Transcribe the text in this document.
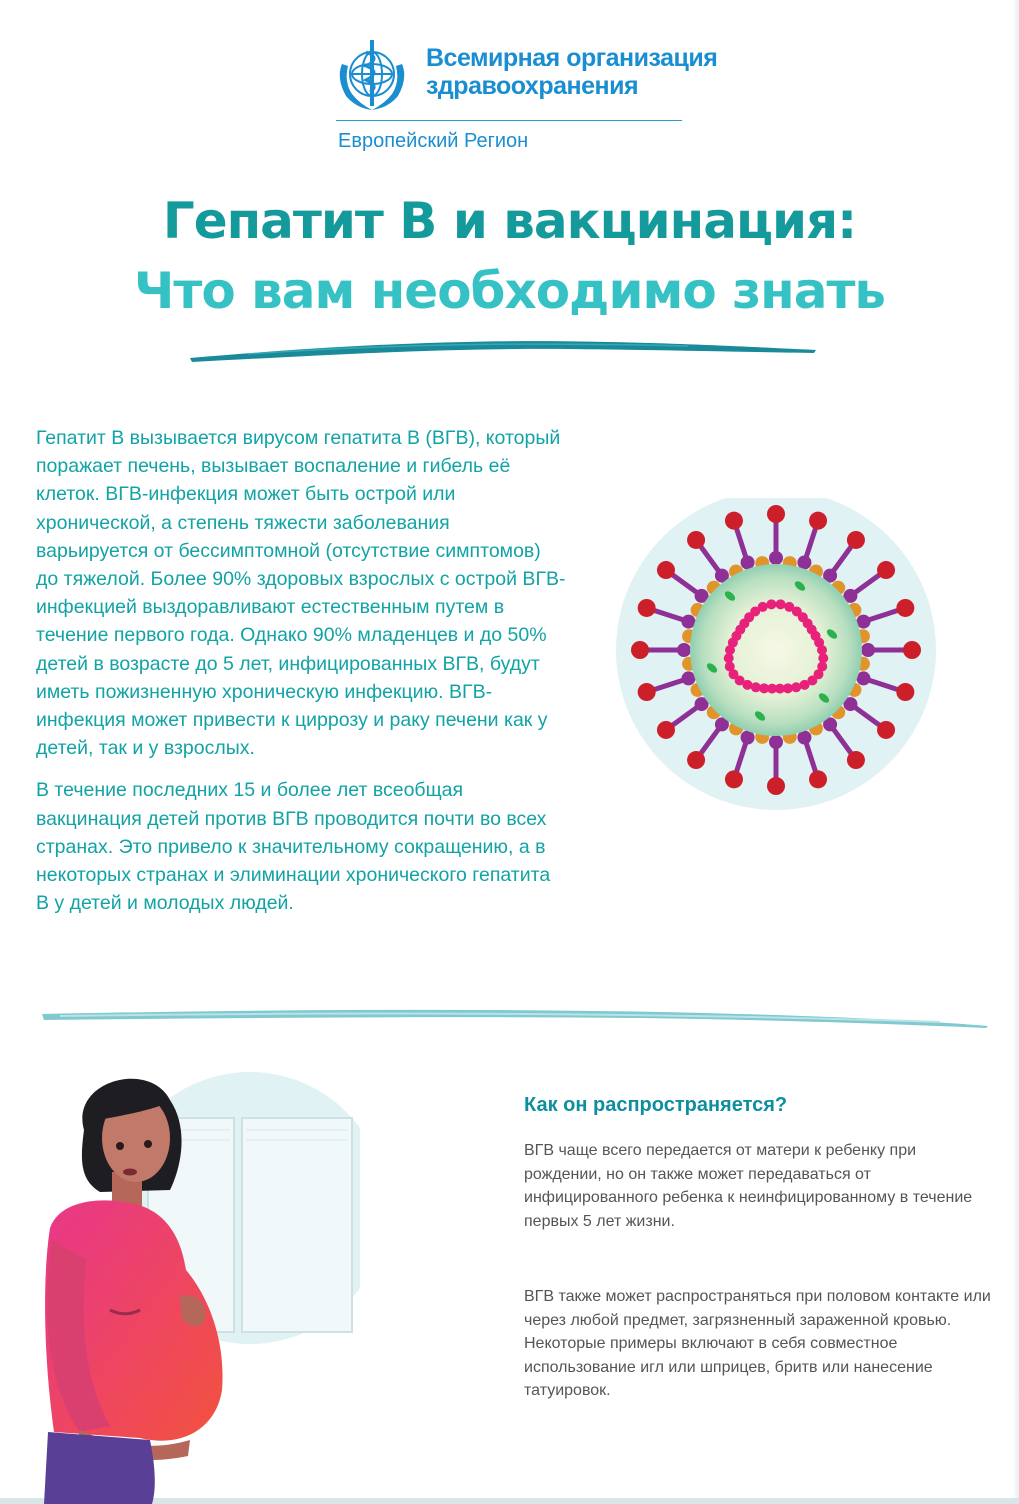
Всемирная организация
здравоохранения
Европейский Регион
Гепатит В и вакцинация:
Что вам необходимо знать

Гепатит В вызывается вирусом гепатита В (ВГВ), который поражает печень, вызывает воспаление и гибель её клеток. ВГВ-инфекция может быть острой или хронической, а степень тяжести заболевания варьируется от бессимптомной (отсутствие симптомов) до тяжелой. Более 90% здоровых взрослых с острой ВГВ-инфекцией выздоравливают естественным путем в течение первого года. Однако 90% младенцев и до 50% детей в возрасте до 5 лет, инфицированных ВГВ, будут иметь пожизненную хроническую инфекцию. ВГВ-инфекция может привести к циррозу и раку печени как у детей, так и у взрослых.

В течение последних 15 и более лет всеобщая вакцинация детей против ВГВ проводится почти во всех странах. Это привело к значительному сокращению, а в некоторых странах и элиминации хронического гепатита В у детей и молодых людей.

Как он распространяется?

ВГВ чаще всего передается от матери к ребенку при рождении, но он также может передаваться от инфицированного ребенка к неинфицированному в течение первых 5 лет жизни.

ВГВ также может распространяться при половом контакте или через любой предмет, загрязненный зараженной кровью. Некоторые примеры включают в себя совместное использование игл или шприцев, бритв или нанесение татуировок.
